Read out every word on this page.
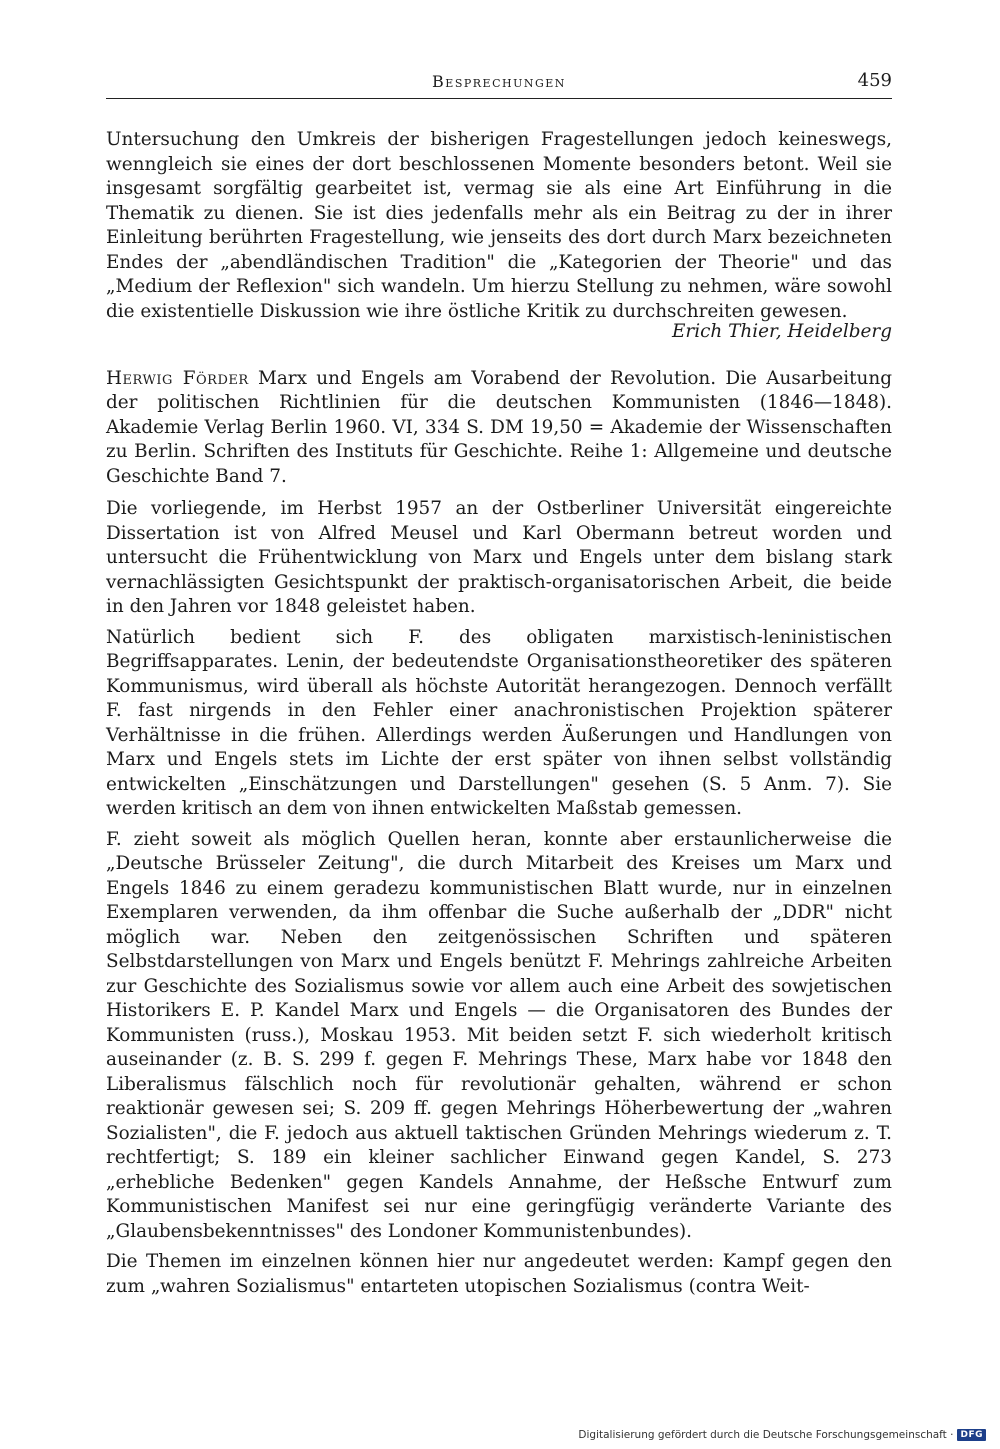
Besprechungen	459

Untersuchung den Umkreis der bisherigen Fragestellungen jedoch keineswegs, wenngleich sie eines der dort beschlossenen Momente besonders betont. Weil sie insgesamt sorgfältig gearbeitet ist, vermag sie als eine Art Einführung in die Thematik zu dienen. Sie ist dies jedenfalls mehr als ein Beitrag zu der in ihrer Einleitung berührten Fragestellung, wie jenseits des dort durch Marx bezeichneten Endes der „abendländischen Tradition" die „Kategorien der Theorie" und das „Medium der Reflexion" sich wandeln. Um hierzu Stellung zu nehmen, wäre sowohl die existentielle Diskussion wie ihre östliche Kritik zu durchschreiten gewesen.

Erich Thier, Heidelberg

Herwig Förder Marx und Engels am Vorabend der Revolution. Die Ausarbeitung der politischen Richtlinien für die deutschen Kommunisten (1846—1848). Akademie Verlag Berlin 1960. VI, 334 S. DM 19,50 = Akademie der Wissenschaften zu Berlin. Schriften des Instituts für Geschichte. Reihe 1: Allgemeine und deutsche Geschichte Band 7.

Die vorliegende, im Herbst 1957 an der Ostberliner Universität eingereichte Dissertation ist von Alfred Meusel und Karl Obermann betreut worden und untersucht die Frühentwicklung von Marx und Engels unter dem bislang stark vernachlässigten Gesichtspunkt der praktisch-organisatorischen Arbeit, die beide in den Jahren vor 1848 geleistet haben.

Natürlich bedient sich F. des obligaten marxistisch-leninistischen Begriffsapparates. Lenin, der bedeutendste Organisationstheoretiker des späteren Kommunismus, wird überall als höchste Autorität herangezogen. Dennoch verfällt F. fast nirgends in den Fehler einer anachronistischen Projektion späterer Verhältnisse in die frühen. Allerdings werden Äußerungen und Handlungen von Marx und Engels stets im Lichte der erst später von ihnen selbst vollständig entwickelten „Einschätzungen und Darstellungen" gesehen (S. 5 Anm. 7). Sie werden kritisch an dem von ihnen entwickelten Maßstab gemessen.

F. zieht soweit als möglich Quellen heran, konnte aber erstaunlicherweise die „Deutsche Brüsseler Zeitung", die durch Mitarbeit des Kreises um Marx und Engels 1846 zu einem geradezu kommunistischen Blatt wurde, nur in einzelnen Exemplaren verwenden, da ihm offenbar die Suche außerhalb der „DDR" nicht möglich war. Neben den zeitgenössischen Schriften und späteren Selbstdarstellungen von Marx und Engels benützt F. Mehrings zahlreiche Arbeiten zur Geschichte des Sozialismus sowie vor allem auch eine Arbeit des sowjetischen Historikers E. P. Kandel Marx und Engels — die Organisatoren des Bundes der Kommunisten (russ.), Moskau 1953. Mit beiden setzt F. sich wiederholt kritisch auseinander (z. B. S. 299 f. gegen F. Mehrings These, Marx habe vor 1848 den Liberalismus fälschlich noch für revolutionär gehalten, während er schon reaktionär gewesen sei; S. 209 ff. gegen Mehrings Höherbewertung der „wahren Sozialisten", die F. jedoch aus aktuell taktischen Gründen Mehrings wiederum z. T. rechtfertigt; S. 189 ein kleiner sachlicher Einwand gegen Kandel, S. 273 „erhebliche Bedenken" gegen Kandels Annahme, der Heßsche Entwurf zum Kommunistischen Manifest sei nur eine geringfügig veränderte Variante des „Glaubensbekenntnisses" des Londoner Kommunistenbundes).

Die Themen im einzelnen können hier nur angedeutet werden: Kampf gegen den zum „wahren Sozialismus" entarteten utopischen Sozialismus (contra Weit-

Digitalisierung gefördert durch die Deutsche Forschungsgemeinschaft · DFG
